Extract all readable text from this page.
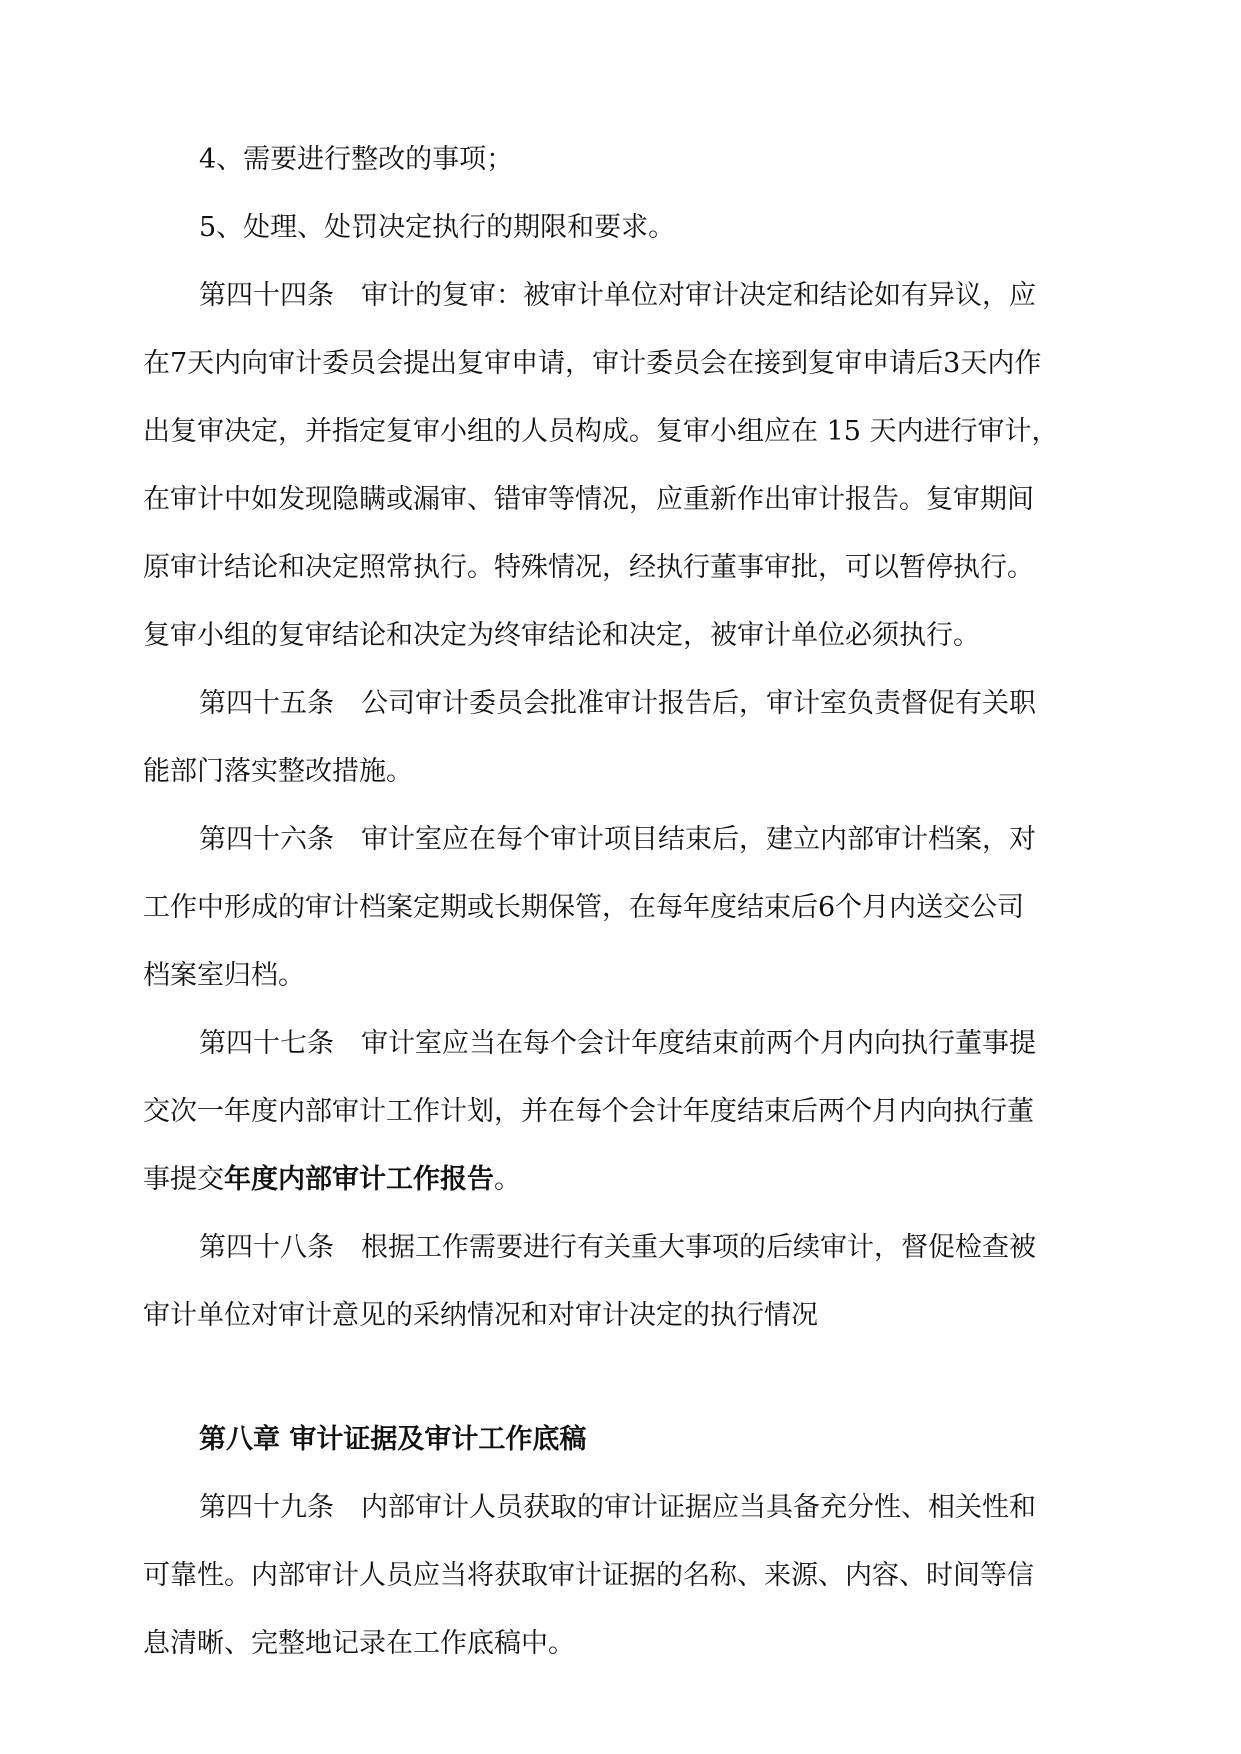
4、需要进行整改的事项；
5、处理、处罚决定执行的期限和要求。
第四十四条　审计的复审：被审计单位对审计决定和结论如有异议，应
在7天内向审计委员会提出复审申请，审计委员会在接到复审申请后3天内作
出复审决定，并指定复审小组的人员构成。复审小组应在 15 天内进行审计，
在审计中如发现隐瞒或漏审、错审等情况，应重新作出审计报告。复审期间
原审计结论和决定照常执行。特殊情况，经执行董事审批，可以暂停执行。
复审小组的复审结论和决定为终审结论和决定，被审计单位必须执行。
第四十五条　公司审计委员会批准审计报告后，审计室负责督促有关职
能部门落实整改措施。
第四十六条　审计室应在每个审计项目结束后，建立内部审计档案，对
工作中形成的审计档案定期或长期保管，在每年度结束后6个月内送交公司
档案室归档。
第四十七条　审计室应当在每个会计年度结束前两个月内向执行董事提
交次一年度内部审计工作计划，并在每个会计年度结束后两个月内向执行董
事提交年度内部审计工作报告。
第四十八条　根据工作需要进行有关重大事项的后续审计，督促检查被
审计单位对审计意见的采纳情况和对审计决定的执行情况
第八章 审计证据及审计工作底稿
第四十九条　内部审计人员获取的审计证据应当具备充分性、相关性和
可靠性。内部审计人员应当将获取审计证据的名称、来源、内容、时间等信
息清晰、完整地记录在工作底稿中。
